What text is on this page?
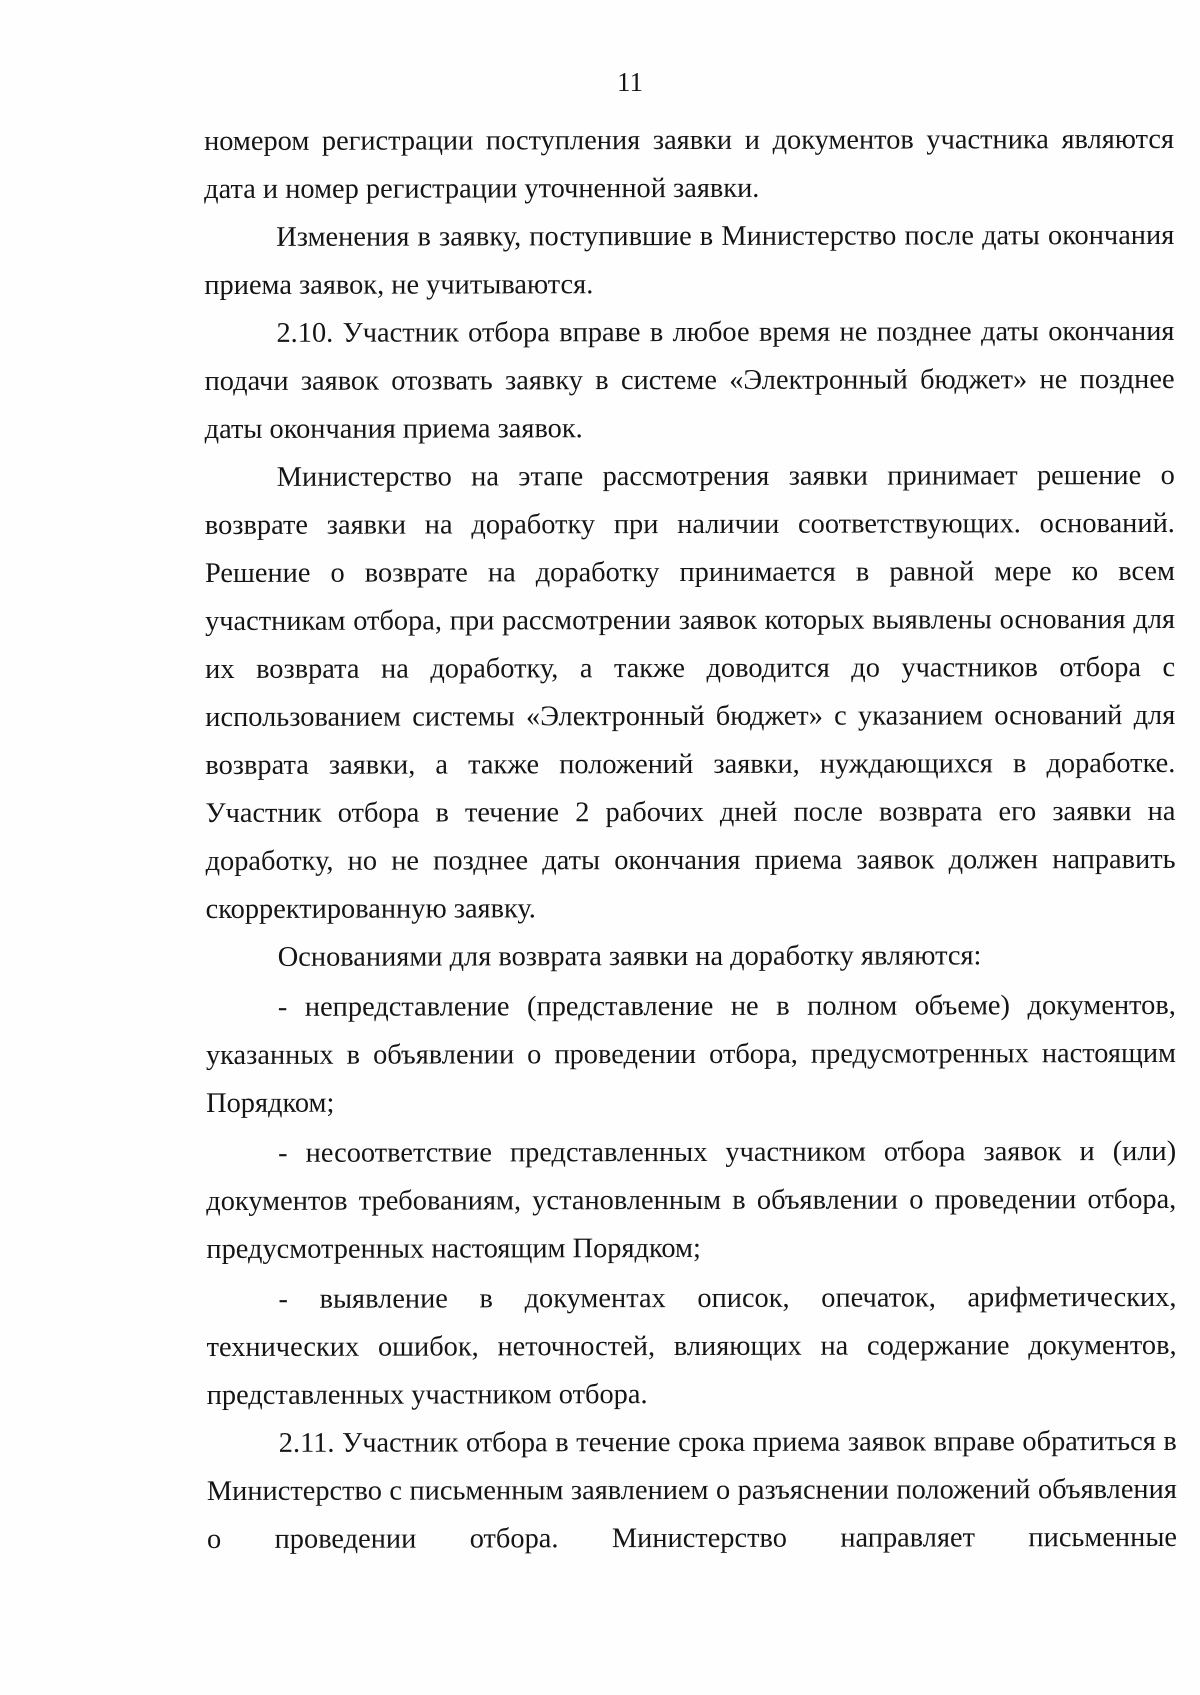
11

номером регистрации поступления заявки и документов участника являются дата и номер регистрации уточненной заявки.

Изменения в заявку, поступившие в Министерство после даты окончания приема заявок, не учитываются.

2.10. Участник отбора вправе в любое время не позднее даты окончания подачи заявок отозвать заявку в системе «Электронный бюджет» не позднее даты окончания приема заявок.

Министерство на этапе рассмотрения заявки принимает решение о возврате заявки на доработку при наличии соответствующих. оснований. Решение о возврате на доработку принимается в равной мере ко всем участникам отбора, при рассмотрении заявок которых выявлены основания для их возврата на доработку, а также доводится до участников отбора с использованием системы «Электронный бюджет» с указанием оснований для возврата заявки, а также положений заявки, нуждающихся в доработке. Участник отбора в течение 2 рабочих дней после возврата его заявки на доработку, но не позднее даты окончания приема заявок должен направить скорректированную заявку.

Основаниями для возврата заявки на доработку являются:

- непредставление (представление не в полном объеме) документов, указанных в объявлении о проведении отбора, предусмотренных настоящим Порядком;

- несоответствие представленных участником отбора заявок и (или) документов требованиям, установленным в объявлении о проведении отбора, предусмотренных настоящим Порядком;

- выявление в документах описок, опечаток, арифметических, технических ошибок, неточностей, влияющих на содержание документов, представленных участником отбора.

2.11. Участник отбора в течение срока приема заявок вправе обратиться в Министерство с письменным заявлением о разъяснении положений объявления о проведении отбора. Министерство направляет письменные
